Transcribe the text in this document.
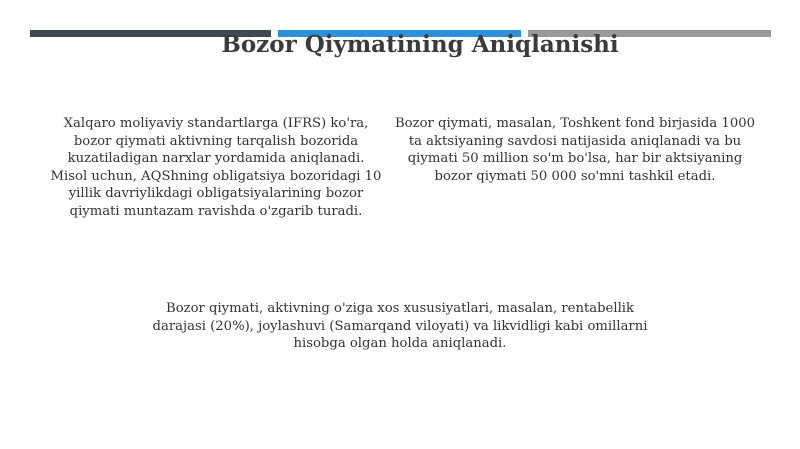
Bozor Qiymatining Aniqlanishi
Xalqaro moliyaviy standartlarga (IFRS) ko'ra, bozor qiymati aktivning tarqalish bozorida kuzatiladigan narxlar yordamida aniqlanadi. Misol uchun, AQShning obligatsiya bozoridagi 10 yillik davriylikdagi obligatsiyalarining bozor qiymati muntazam ravishda o'zgarib turadi.
Bozor qiymati, masalan, Toshkent fond birjasida 1000 ta aktsiyaning savdosi natijasida aniqlanadi va bu qiymati 50 million so'm bo'lsa, har bir aktsiyaning bozor qiymati 50 000 so'mni tashkil etadi.
Bozor qiymati, aktivning o'ziga xos xususiyatlari, masalan, rentabellik darajasi (20%), joylashuvi (Samarqand viloyati) va likvidligi kabi omillarni hisobga olgan holda aniqlanadi.
